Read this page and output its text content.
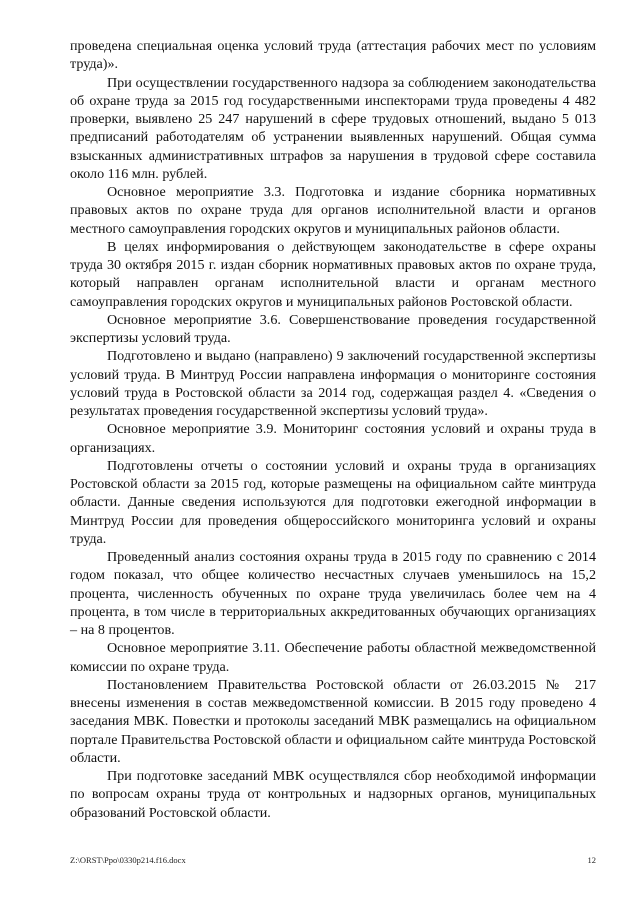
проведена специальная оценка условий труда (аттестация рабочих мест по условиям труда)».

При осуществлении государственного надзора за соблюдением законодательства об охране труда за 2015 год государственными инспекторами труда проведены 4 482 проверки, выявлено 25 247 нарушений в сфере трудовых отношений, выдано 5 013 предписаний работодателям об устранении выявленных нарушений. Общая сумма взысканных административных штрафов за нарушения в трудовой сфере составила около 116 млн. рублей.

Основное мероприятие 3.3. Подготовка и издание сборника нормативных правовых актов по охране труда для органов исполнительной власти и органов местного самоуправления городских округов и муниципальных районов области.

В целях информирования о действующем законодательстве в сфере охраны труда 30 октября 2015 г. издан сборник нормативных правовых актов по охране труда, который направлен органам исполнительной власти и органам местного самоуправления городских округов и муниципальных районов Ростовской области.

Основное мероприятие 3.6. Совершенствование проведения государственной экспертизы условий труда.

Подготовлено и выдано (направлено) 9 заключений государственной экспертизы условий труда. В Минтруд России направлена информация о мониторинге состояния условий труда в Ростовской области за 2014 год, содержащая раздел 4. «Сведения о результатах проведения государственной экспертизы условий труда».

Основное мероприятие 3.9. Мониторинг состояния условий и охраны труда в организациях.

Подготовлены отчеты о состоянии условий и охраны труда в организациях Ростовской области за 2015 год, которые размещены на официальном сайте минтруда области. Данные сведения используются для подготовки ежегодной информации в Минтруд России для проведения общероссийского мониторинга условий и охраны труда.

Проведенный анализ состояния охраны труда в 2015 году по сравнению с 2014 годом показал, что общее количество несчастных случаев уменьшилось на 15,2 процента, численность обученных по охране труда увеличилась более чем на 4 процента, в том числе в территориальных аккредитованных обучающих организациях – на 8 процентов.

Основное мероприятие 3.11. Обеспечение работы областной межведомственной комиссии по охране труда.

Постановлением Правительства Ростовской области от 26.03.2015 № 217 внесены изменения в состав межведомственной комиссии. В 2015 году проведено 4 заседания МВК. Повестки и протоколы заседаний МВК размещались на официальном портале Правительства Ростовской области и официальном сайте минтруда Ростовской области.

При подготовке заседаний МВК осуществлялся сбор необходимой информации по вопросам охраны труда от контрольных и надзорных органов, муниципальных образований Ростовской области.

Z:\ORST\Ppo\0330p214.f16.docx	12
